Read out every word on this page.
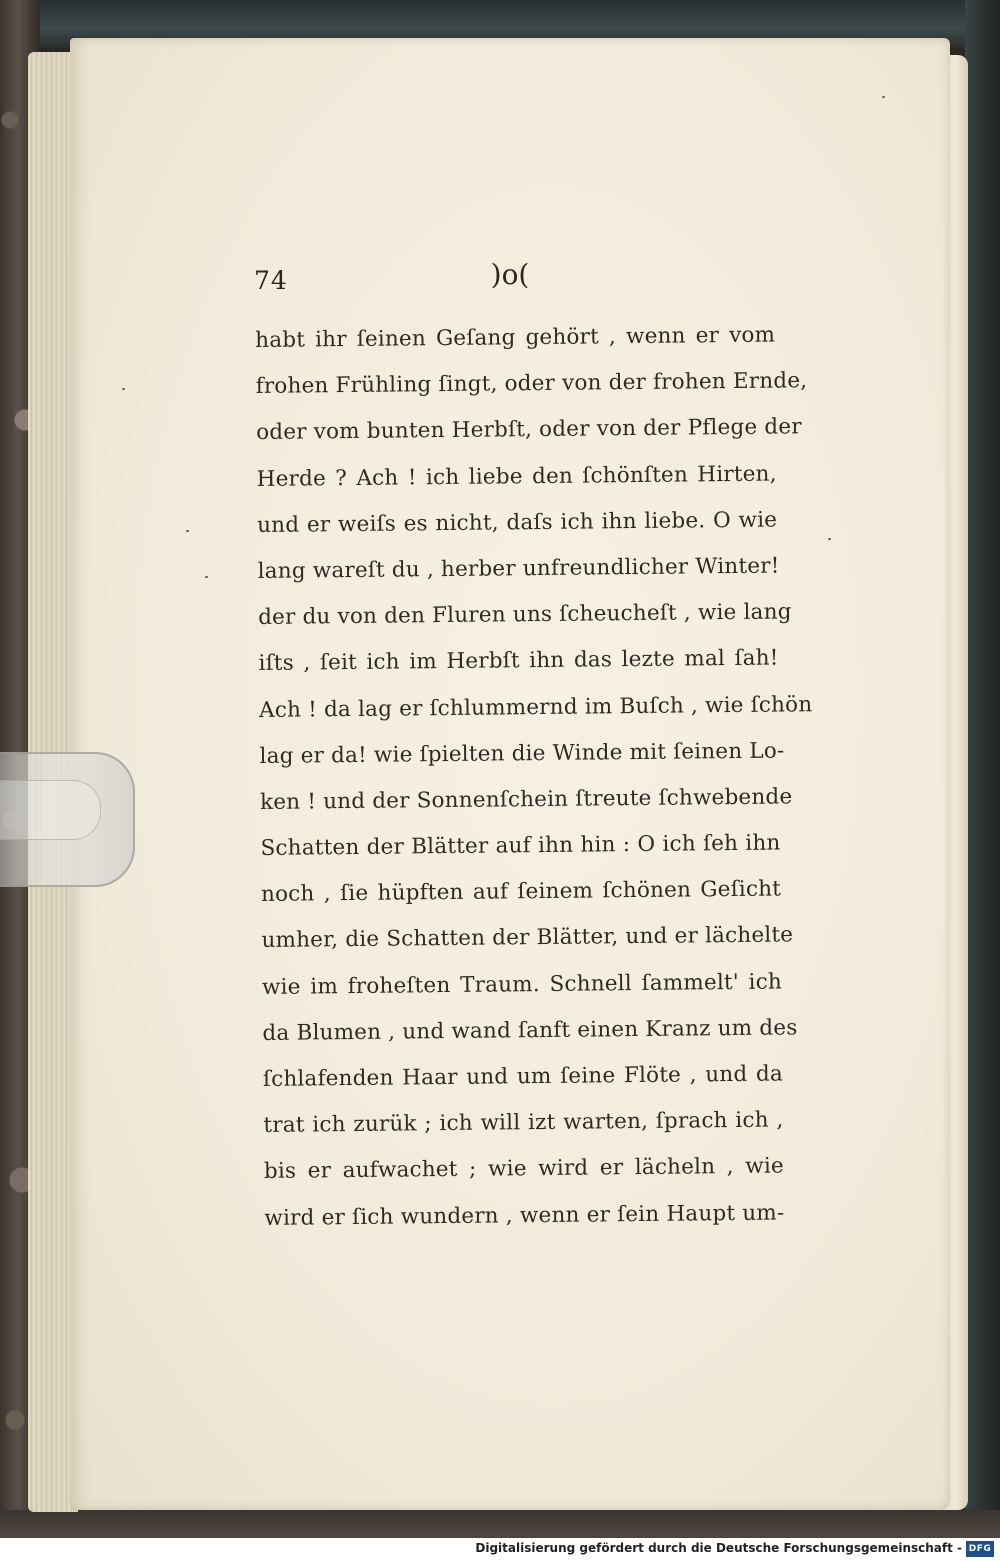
74	)o(
habt ihr ſeinen Geſang gehört , wenn er vom
frohen Frühling ſingt, oder von der frohen Ernde,
oder vom bunten Herbſt, oder von der Pflege der
Herde ? Ach ! ich liebe den ſchönſten Hirten,
und er weiſs es nicht, daſs ich ihn liebe. O wie
lang wareſt du , herber unfreundlicher Winter!
der du von den Fluren uns ſcheucheſt , wie lang
iſts , ſeit ich im Herbſt ihn das lezte mal ſah!
Ach ! da lag er ſchlummernd im Buſch , wie ſchön
lag er da! wie ſpielten die Winde mit ſeinen Lo-
ken ! und der Sonnenſchein ſtreute ſchwebende
Schatten der Blätter auf ihn hin : O ich ſeh ihn
noch , ſie hüpften auf ſeinem ſchönen Geſicht
umher, die Schatten der Blätter, und er lächelte
wie im froheſten Traum. Schnell ſammelt' ich
da Blumen , und wand ſanft einen Kranz um des
ſchlafenden Haar und um ſeine Flöte , und da
trat ich zurük ; ich will izt warten, ſprach ich ,
bis er aufwachet ; wie wird er lächeln , wie
wird er ſich wundern , wenn er ſein Haupt um-
Digitalisierung gefördert durch die Deutsche Forschungsgemeinschaft - DFG
